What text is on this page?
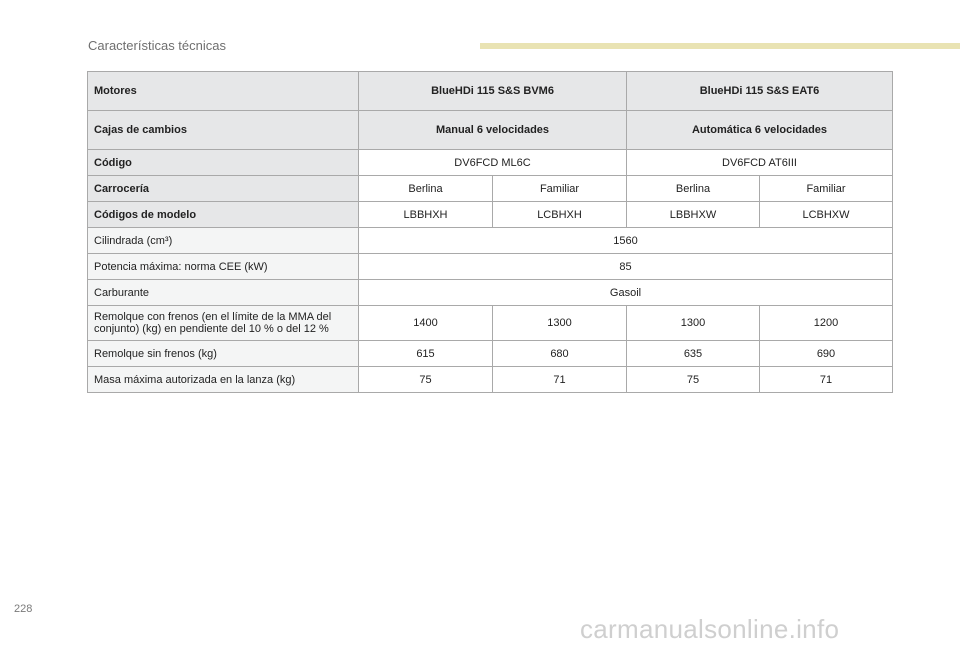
Características técnicas
Motores	BlueHDi 115 S&S BVM6		BlueHDi 115 S&S EAT6	
Cajas de cambios	Manual 6 velocidades		Automática 6 velocidades	
Código	DV6FCD ML6C		DV6FCD AT6III	
Carrocería	Berlina	Familiar	Berlina	Familiar
Códigos de modelo	LBBHXH	LCBHXH	LBBHXW	LCBHXW
Cilindrada (cm³)	1560			
Potencia máxima: norma CEE (kW)	85			
Carburante	Gasoil			
Remolque con frenos (en el límite de la MMA del conjunto) (kg) en pendiente del 10 % o del 12 %	1400	1300	1300	1200
Remolque sin frenos (kg)	615	680	635	690
Masa máxima autorizada en la lanza (kg)	75	71	75	71
228
carmanualsonline.info
